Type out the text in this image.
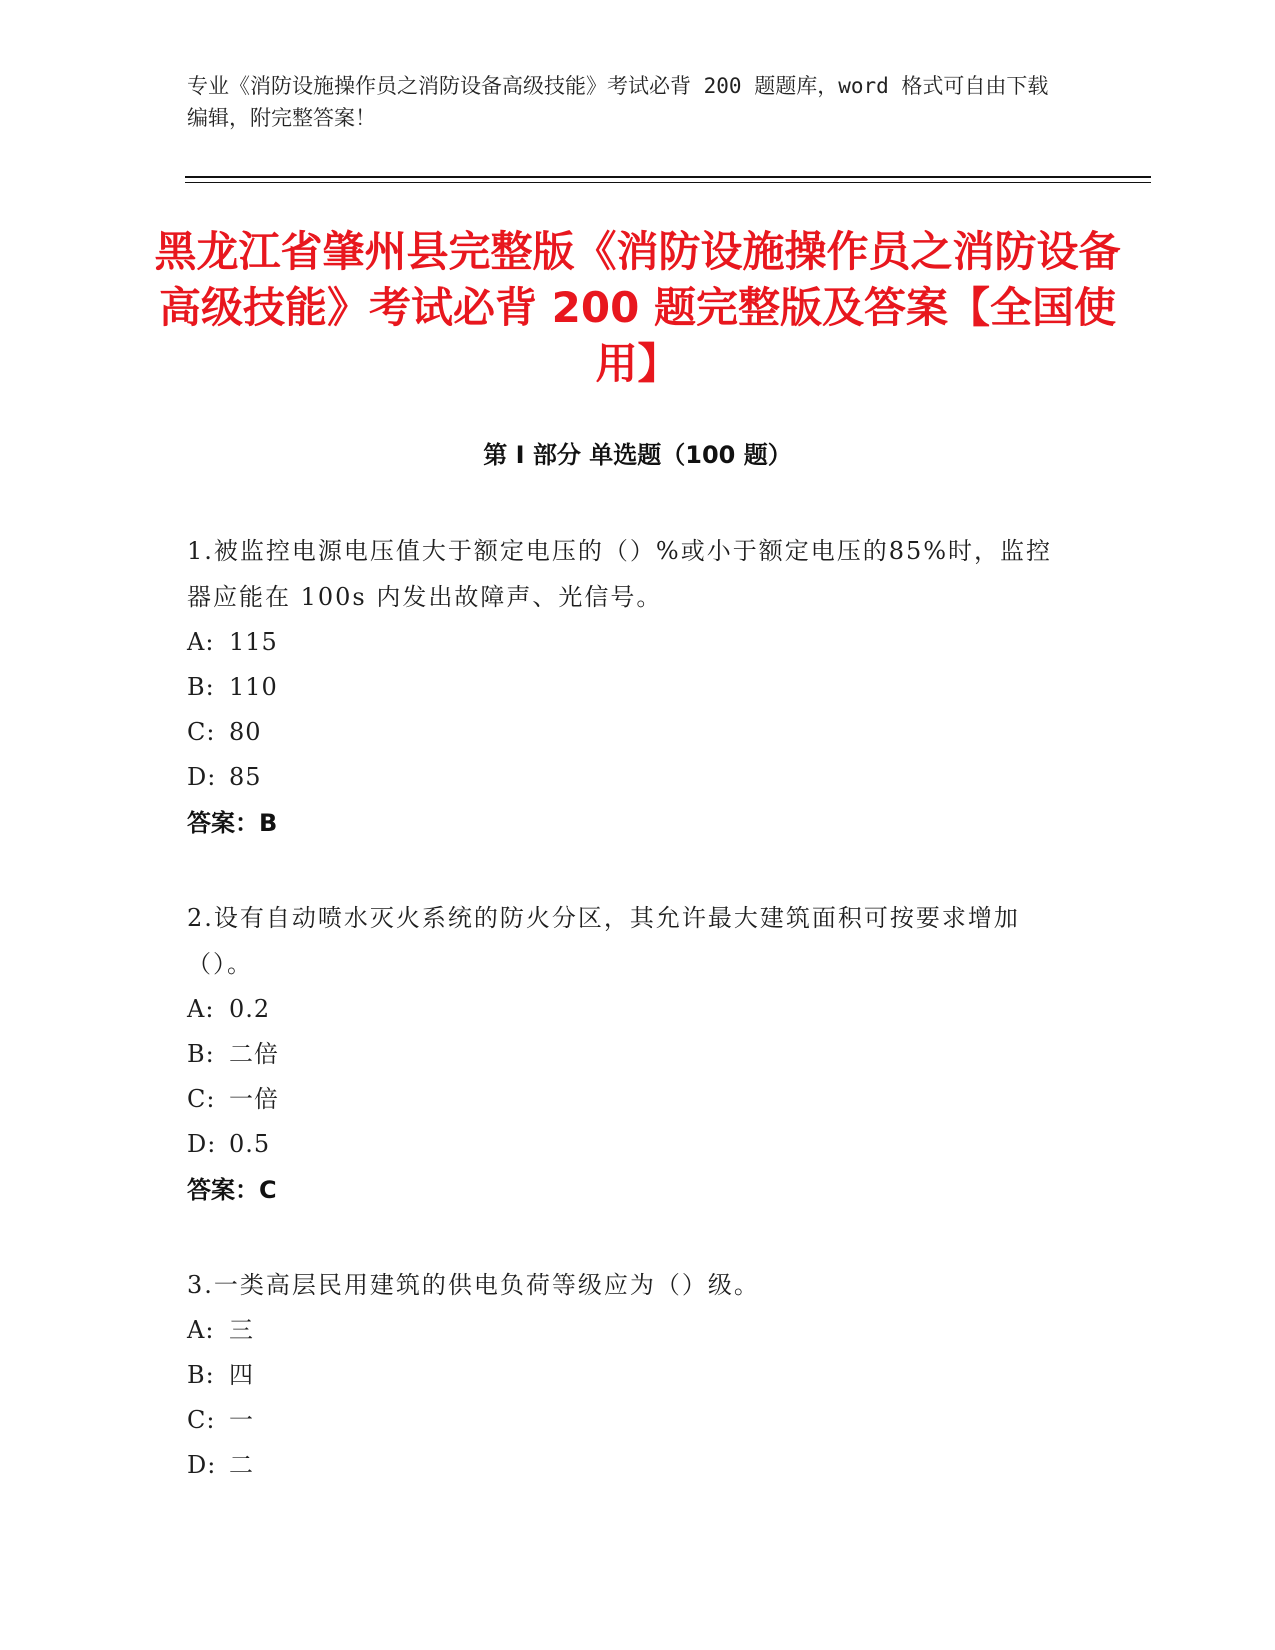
专业《消防设施操作员之消防设备高级技能》考试必背 200 题题库，word 格式可自由下载编辑，附完整答案！
黑龙江省肇州县完整版《消防设施操作员之消防设备高级技能》考试必背 200 题完整版及答案【全国使用】
第 I 部分 单选题（100 题）
1.被监控电源电压值大于额定电压的（）%或小于额定电压的85%时，监控器应能在 100s 内发出故障声、光信号。
A: 115
B: 110
C: 80
D: 85
答案：B
2.设有自动喷水灭火系统的防火分区，其允许最大建筑面积可按要求增加（）。
A: 0.2
B: 二倍
C: 一倍
D: 0.5
答案：C
3.一类高层民用建筑的供电负荷等级应为（）级。
A: 三
B: 四
C: 一
D: 二
